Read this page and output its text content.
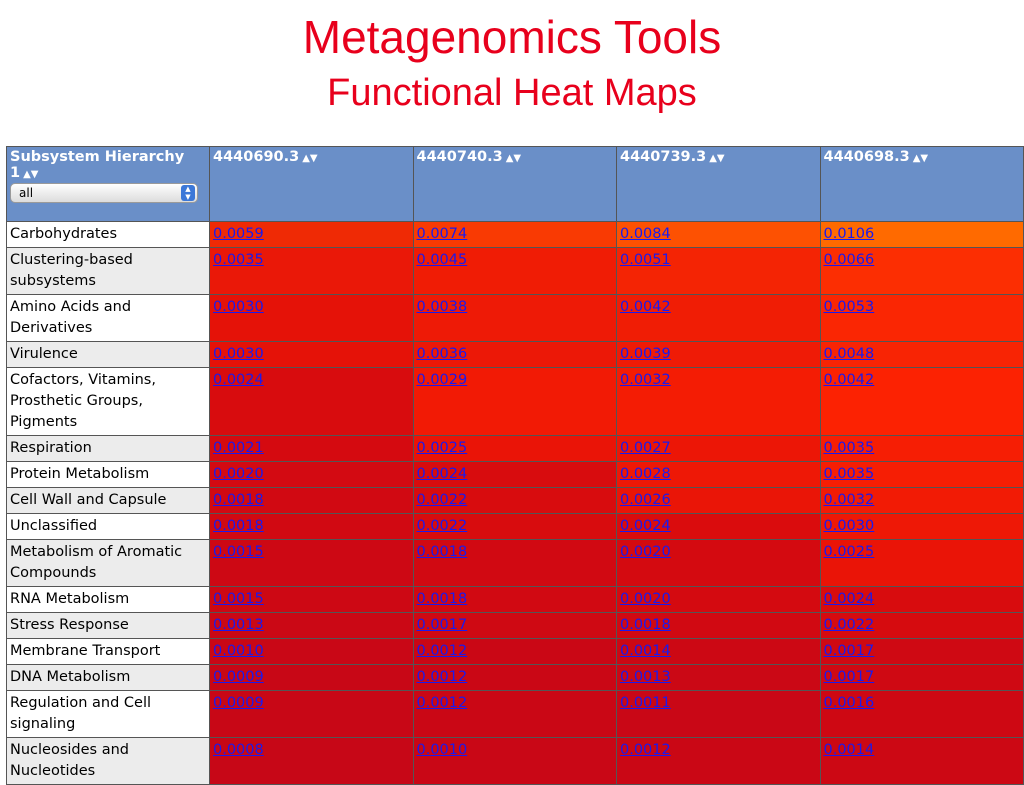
Metagenomics Tools
Functional Heat Maps
Subsystem Hierarchy 1 ▲▼
all ▲
▼	4440690.3 ▲▼	4440740.3 ▲▼	4440739.3 ▲▼	4440698.3 ▲▼
Carbohydrates	0.0059	0.0074	0.0084	0.0106
Clustering-based subsystems	0.0035	0.0045	0.0051	0.0066
Amino Acids and Derivatives	0.0030	0.0038	0.0042	0.0053
Virulence	0.0030	0.0036	0.0039	0.0048
Cofactors, Vitamins, Prosthetic Groups, Pigments	0.0024	0.0029	0.0032	0.0042
Respiration	0.0021	0.0025	0.0027	0.0035
Protein Metabolism	0.0020	0.0024	0.0028	0.0035
Cell Wall and Capsule	0.0018	0.0022	0.0026	0.0032
Unclassified	0.0018	0.0022	0.0024	0.0030
Metabolism of Aromatic Compounds	0.0015	0.0018	0.0020	0.0025
RNA Metabolism	0.0015	0.0018	0.0020	0.0024
Stress Response	0.0013	0.0017	0.0018	0.0022
Membrane Transport	0.0010	0.0012	0.0014	0.0017
DNA Metabolism	0.0009	0.0012	0.0013	0.0017
Regulation and Cell signaling	0.0009	0.0012	0.0011	0.0016
Nucleosides and Nucleotides	0.0008	0.0010	0.0012	0.0014
